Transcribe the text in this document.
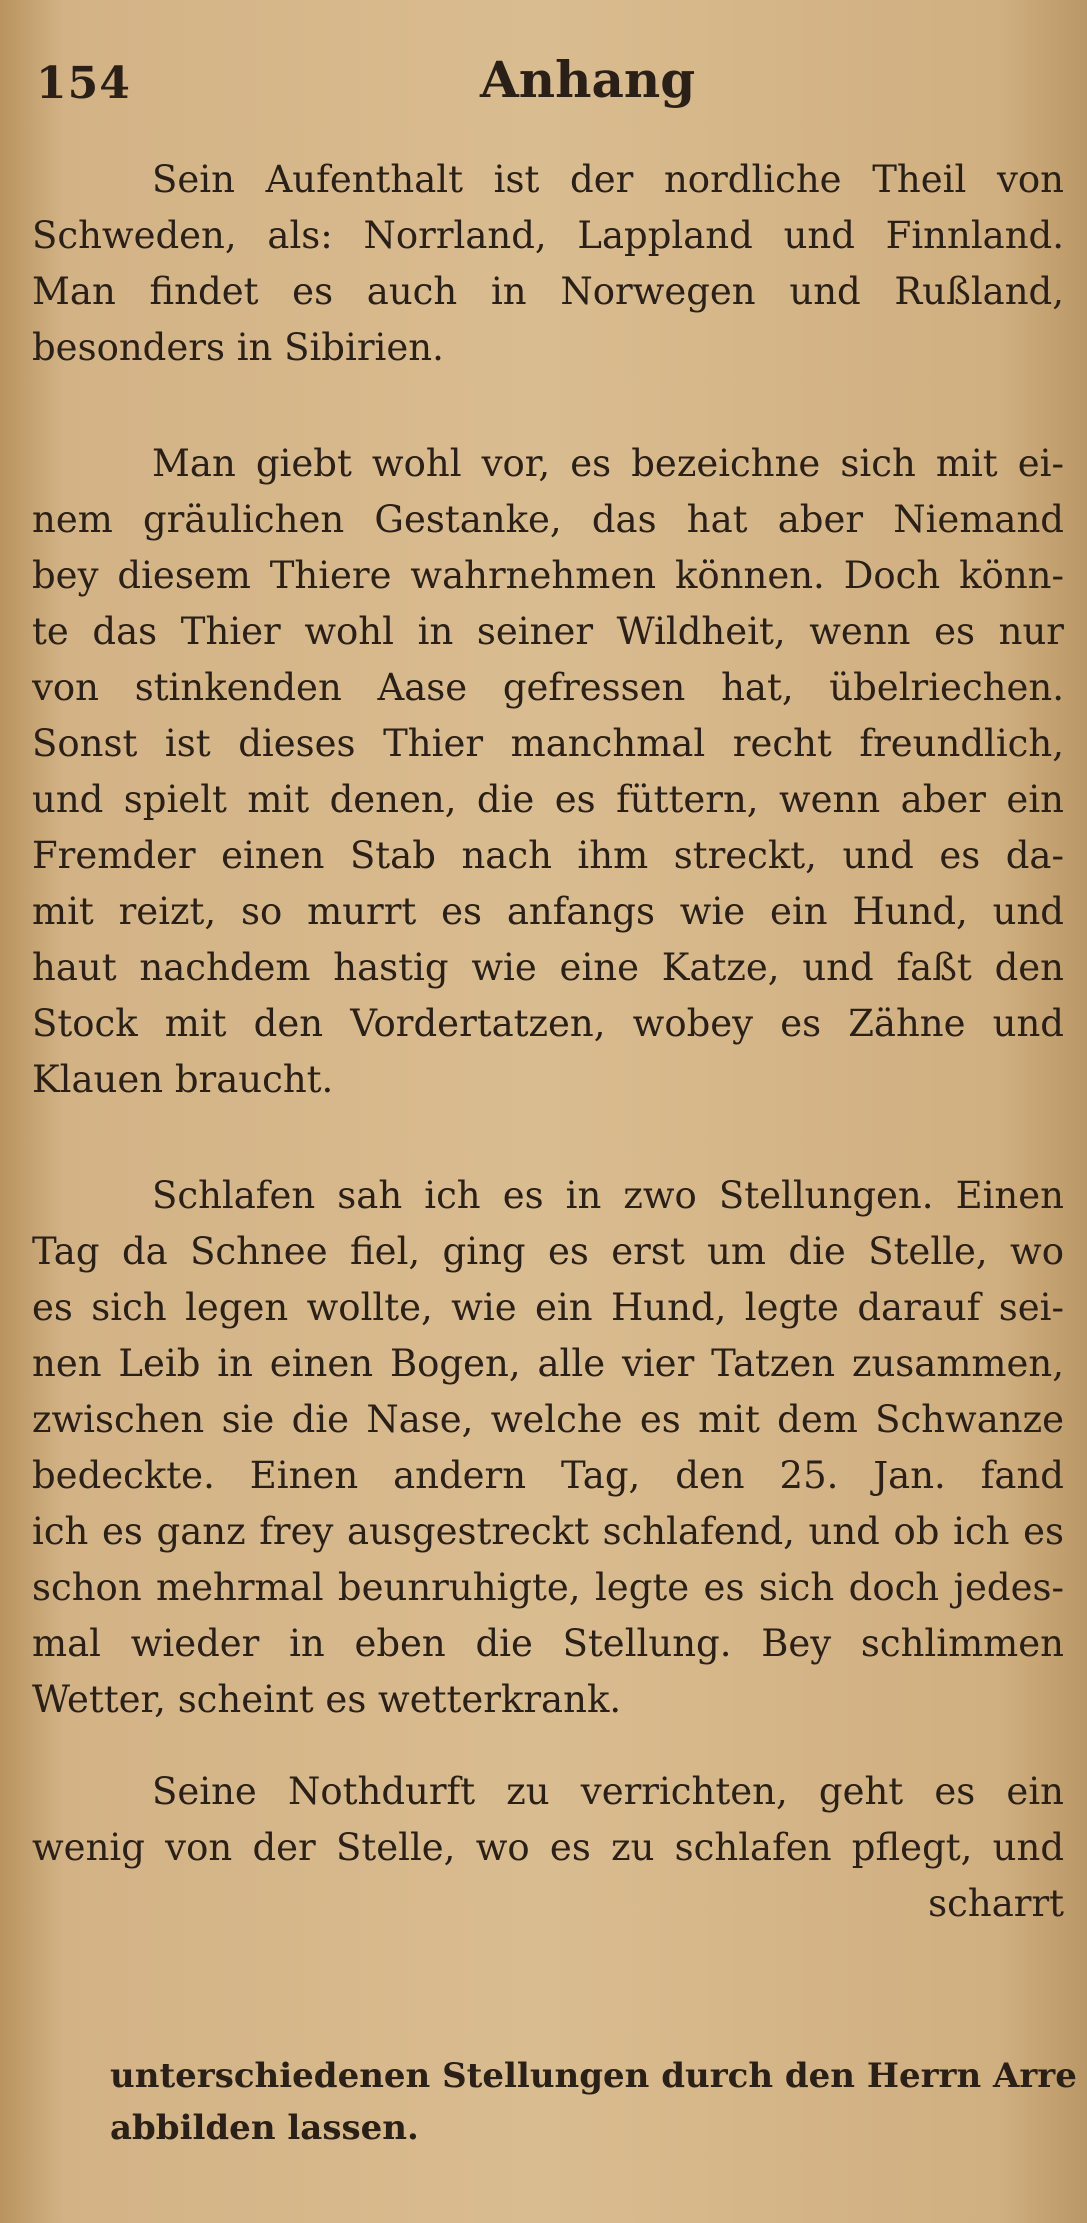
154	Anhang
Sein Aufenthalt ist der nordliche Theil von
Schweden, als: Norrland, Lappland und Finnland.
Man findet es auch in Norwegen und Rußland,
besonders in Sibirien.
Man giebt wohl vor, es bezeichne sich mit ei-
nem gräulichen Gestanke, das hat aber Niemand
bey diesem Thiere wahrnehmen können. Doch könn-
te das Thier wohl in seiner Wildheit, wenn es nur
von stinkenden Aase gefressen hat, übelriechen.
Sonst ist dieses Thier manchmal recht freundlich,
und spielt mit denen, die es füttern, wenn aber ein
Fremder einen Stab nach ihm streckt, und es da-
mit reizt, so murrt es anfangs wie ein Hund, und
haut nachdem hastig wie eine Katze, und faßt den
Stock mit den Vordertatzen, wobey es Zähne und
Klauen braucht.
Schlafen sah ich es in zwo Stellungen. Einen
Tag da Schnee fiel, ging es erst um die Stelle, wo
es sich legen wollte, wie ein Hund, legte darauf sei-
nen Leib in einen Bogen, alle vier Tatzen zusammen,
zwischen sie die Nase, welche es mit dem Schwanze
bedeckte. Einen andern Tag, den 25. Jan. fand
ich es ganz frey ausgestreckt schlafend, und ob ich es
schon mehrmal beunruhigte, legte es sich doch jedes-
mal wieder in eben die Stellung. Bey schlimmen
Wetter, scheint es wetterkrank.
Seine Nothdurft zu verrichten, geht es ein
wenig von der Stelle, wo es zu schlafen pflegt, und
scharrt
unterschiedenen Stellungen durch den Herrn Arre
abbilden lassen.
